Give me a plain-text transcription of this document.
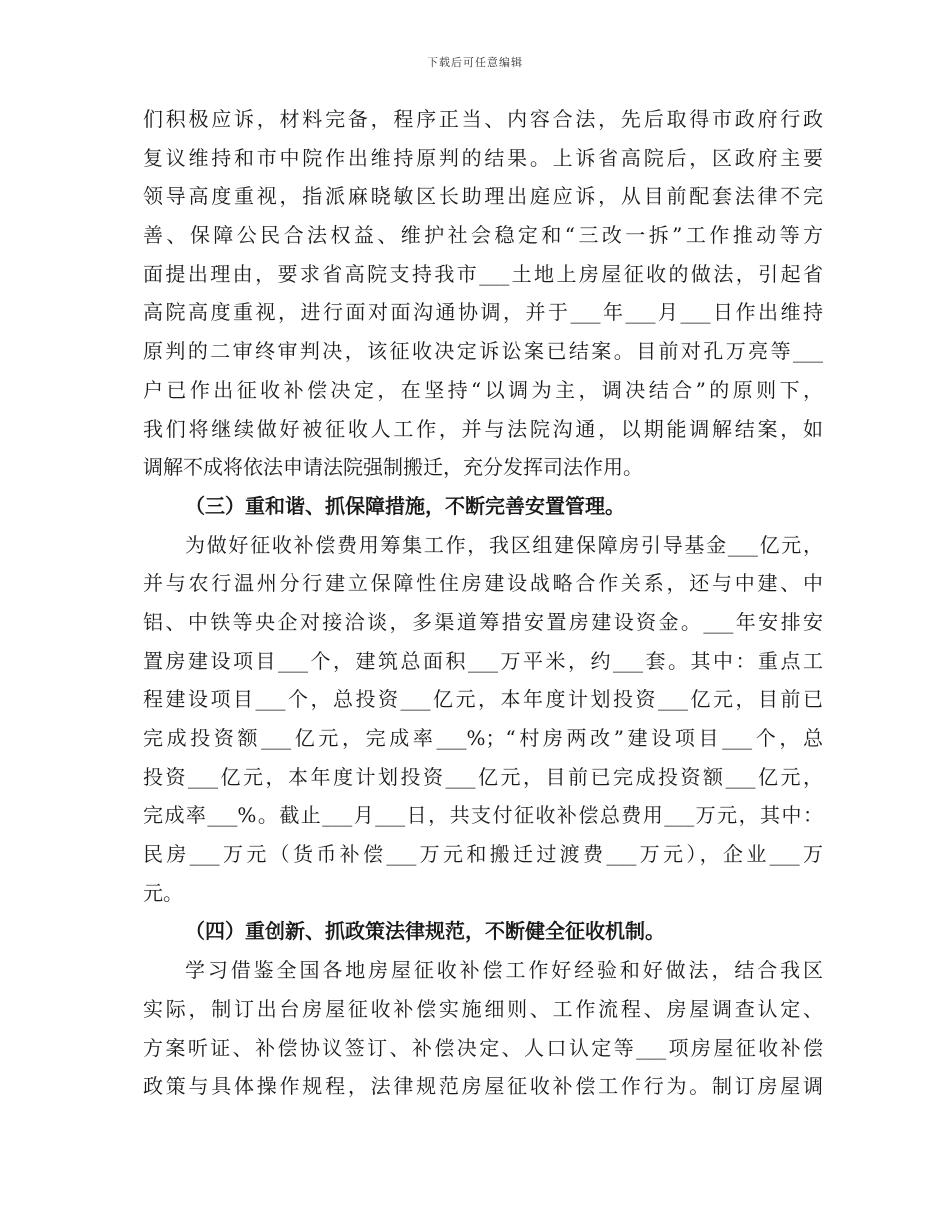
下载后可任意编辑
们积极应诉，材料完备，程序正当、内容合法，先后取得市政府行政
复议维持和市中院作出维持原判的结果。上诉省高院后，区政府主要
领导高度重视，指派麻晓敏区长助理出庭应诉，从目前配套法律不完
善、保障公民合法权益、维护社会稳定和“三改一拆”工作推动等方
面提出理由，要求省高院支持我市___土地上房屋征收的做法，引起省
高院高度重视，进行面对面沟通协调，并于___年___月___日作出维持
原判的二审终审判决，该征收决定诉讼案已结案。目前对孔万亮等___
户已作出征收补偿决定，在坚持“以调为主，调决结合”的原则下，
我们将继续做好被征收人工作，并与法院沟通，以期能调解结案，如
调解不成将依法申请法院强制搬迁，充分发挥司法作用。
（三）重和谐、抓保障措施，不断完善安置管理。
为做好征收补偿费用筹集工作，我区组建保障房引导基金___亿元，
并与农行温州分行建立保障性住房建设战略合作关系，还与中建、中
铝、中铁等央企对接洽谈，多渠道筹措安置房建设资金。___年安排安
置房建设项目___个，建筑总面积___万平米，约___套。其中：重点工
程建设项目___个，总投资___亿元，本年度计划投资___亿元，目前已
完成投资额___亿元，完成率___%；“村房两改”建设项目___个，总
投资___亿元，本年度计划投资___亿元，目前已完成投资额___亿元，
完成率___%。截止___月___日，共支付征收补偿总费用___万元，其中：
民房___万元（货币补偿___万元和搬迁过渡费___万元），企业___万
元。
（四）重创新、抓政策法律规范，不断健全征收机制。
学习借鉴全国各地房屋征收补偿工作好经验和好做法，结合我区
实际，制订出台房屋征收补偿实施细则、工作流程、房屋调查认定、
方案听证、补偿协议签订、补偿决定、人口认定等___项房屋征收补偿
政策与具体操作规程，法律规范房屋征收补偿工作行为。制订房屋调
